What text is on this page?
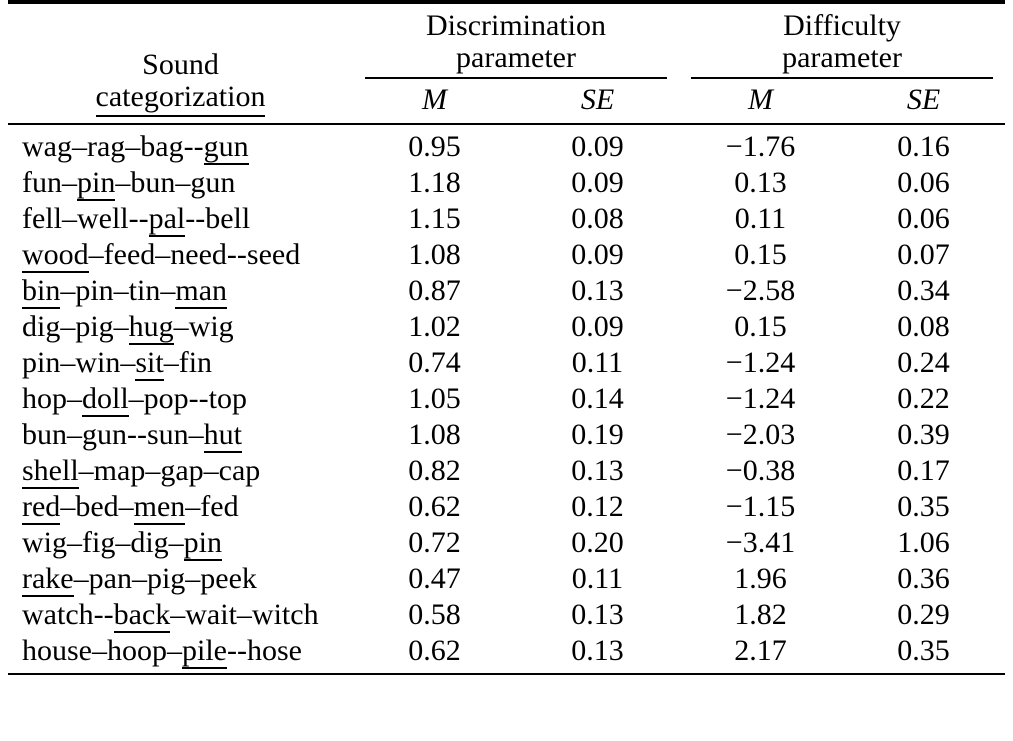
Sound
categorization	Discrimination
parameter		Difficulty
parameter	

	M	SE	M	SE
wag–rag–bag--gun	0.95	0.09	−1.76	0.16
fun–pin–bun–gun	1.18	0.09	0.13	0.06
fell–well--pal--bell	1.15	0.08	0.11	0.06
wood–feed–need--seed	1.08	0.09	0.15	0.07
bin–pin–tin–man	0.87	0.13	−2.58	0.34
dig–pig–hug–wig	1.02	0.09	0.15	0.08
pin–win–sit–fin	0.74	0.11	−1.24	0.24
hop–doll–pop--top	1.05	0.14	−1.24	0.22
bun–gun--sun–hut	1.08	0.19	−2.03	0.39
shell–map–gap–cap	0.82	0.13	−0.38	0.17
red–bed–men–fed	0.62	0.12	−1.15	0.35
wig–fig–dig–pin	0.72	0.20	−3.41	1.06
rake–pan–pig–peek	0.47	0.11	1.96	0.36
watch--back–wait–witch	0.58	0.13	1.82	0.29
house–hoop–pile--hose	0.62	0.13	2.17	0.35
